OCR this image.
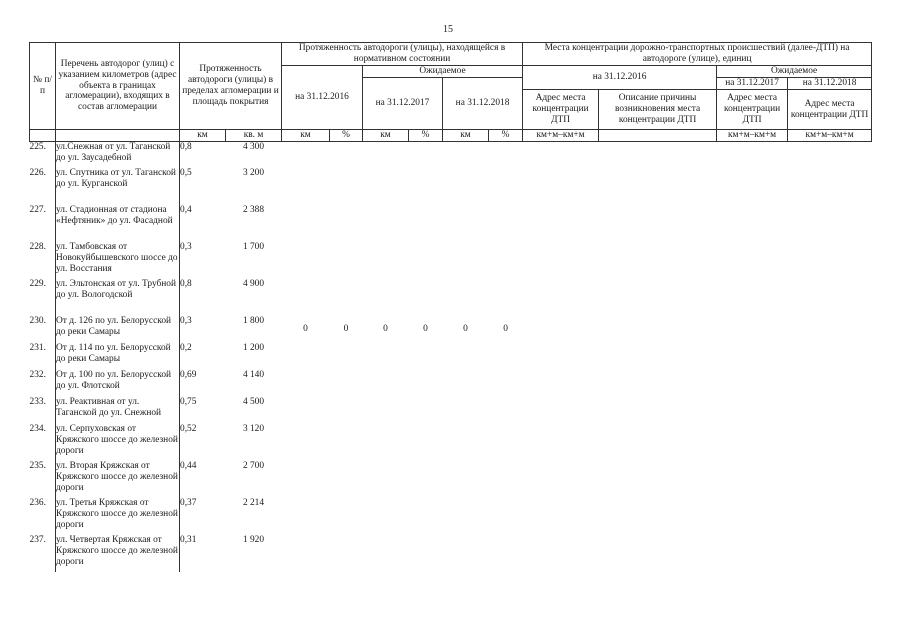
15
№ п/п	Перечень автодорог (улиц) с указанием километров (адрес объекта в границах агломерации), входящих в состав агломерации	Протяженность автодороги (улицы) в пределах агломерации и площадь покрытия		Протяженность автодороги (улицы), находящейся в нормативном состоянии						Места концентрации дорожно-транспортных происшествий (далее-ДТП) на автодороге (улице), единиц			
				на 31.12.2016		Ожидаемое				на 31.12.2016		Ожидаемое	
						на 31.12.2017		на 31.12.2018				на 31.12.2017	на 31.12.2018
										Адрес места концентрации ДТП	Описание причины возникновения места концентрации ДТП	Адрес места концентрации ДТП	Адрес места концентрации ДТП
		км	кв. м	км	%	км	%	км	%	км+м–км+м		км+м–км+м	км+м–км+м
225.	ул.Снежная от ул. Таганской до ул. Заусадебной	0,8	4 300										
226.	ул. Спутника от ул. Таганской до ул. Курганской	0,5	3 200										
227.	ул. Стадионная от стадиона «Нефтяник» до ул. Фасадной	0,4	2 388										
228.	ул. Тамбовская от Новокуйбышевского шоссе до ул. Восстания	0,3	1 700										
229.	ул. Эльтонская от ул. Трубной до ул. Вологодской	0,8	4 900										
230.	От д. 126 по ул. Белорусской до реки Самары	0,3	1 800	0	0	0	0	0	0				
231.	От д. 114 по ул. Белорусской до реки Самары	0,2	1 200										
232.	От д. 100 по ул. Белорусской до ул. Флотской	0,69	4 140										
233.	ул. Реактивная от ул. Таганской до ул. Снежной	0,75	4 500										
234.	ул. Серпуховская от Кряжского шоссе до железной дороги	0,52	3 120										
235.	ул. Вторая Кряжская от Кряжского шоссе до железной дороги	0,44	2 700										
236.	ул. Третья Кряжская от Кряжского шоссе до железной дороги	0,37	2 214										
237.	ул. Четвертая Кряжская от Кряжского шоссе до железной дороги	0,31	1 920										
